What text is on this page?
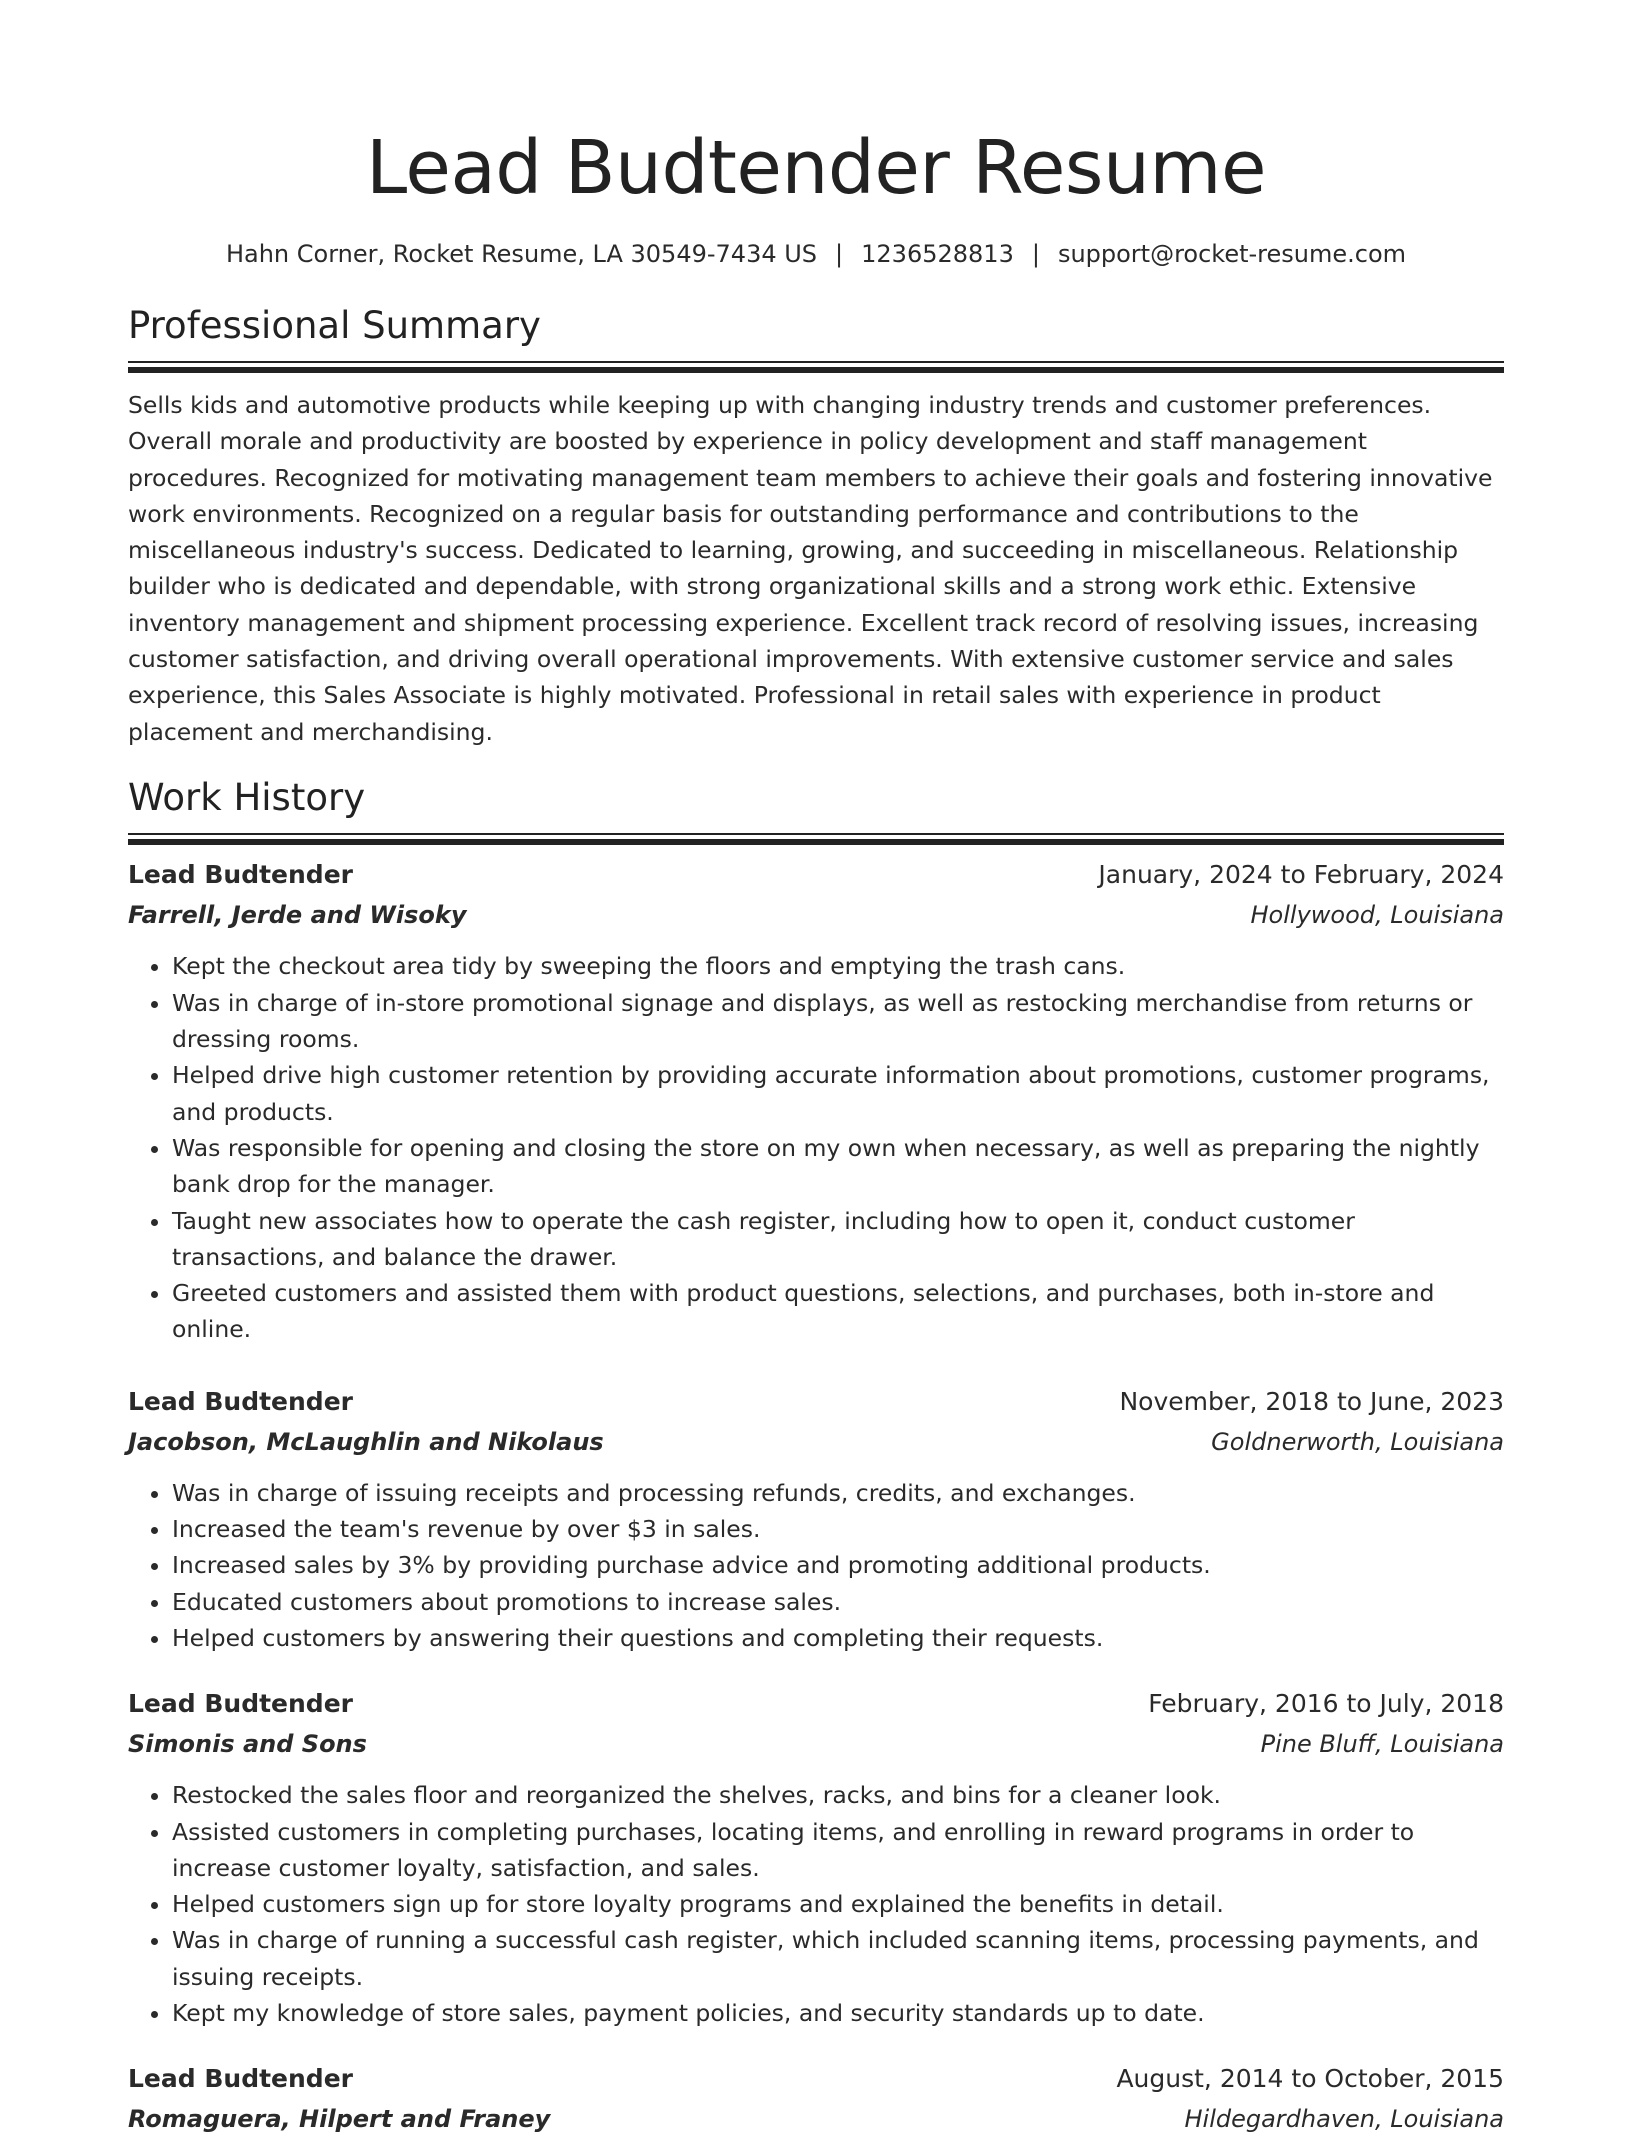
Lead Budtender Resume
Hahn Corner, Rocket Resume, LA 30549-7434 US | 1236528813 | support@rocket-resume.com
Professional Summary

Sells kids and automotive products while keeping up with changing industry trends and customer preferences. Overall morale and productivity are boosted by experience in policy development and staff management procedures. Recognized for motivating management team members to achieve their goals and fostering innovative work environments. Recognized on a regular basis for outstanding performance and contributions to the miscellaneous industry's success. Dedicated to learning, growing, and succeeding in miscellaneous. Relationship builder who is dedicated and dependable, with strong organizational skills and a strong work ethic. Extensive inventory management and shipment processing experience. Excellent track record of resolving issues, increasing customer satisfaction, and driving overall operational improvements. With extensive customer service and sales experience, this Sales Associate is highly motivated. Professional in retail sales with experience in product placement and merchandising.

Work History
Lead Budtender	January, 2024 to February, 2024
Farrell, Jerde and Wisoky	Hollywood, Louisiana
• Kept the checkout area tidy by sweeping the floors and emptying the trash cans.
• Was in charge of in-store promotional signage and displays, as well as restocking merchandise from returns or dressing rooms.
• Helped drive high customer retention by providing accurate information about promotions, customer programs, and products.
• Was responsible for opening and closing the store on my own when necessary, as well as preparing the nightly bank drop for the manager.
• Taught new associates how to operate the cash register, including how to open it, conduct customer transactions, and balance the drawer.
• Greeted customers and assisted them with product questions, selections, and purchases, both in-store and online.
Lead Budtender	November, 2018 to June, 2023
Jacobson, McLaughlin and Nikolaus	Goldnerworth, Louisiana
• Was in charge of issuing receipts and processing refunds, credits, and exchanges.
• Increased the team's revenue by over $3 in sales.
• Increased sales by 3% by providing purchase advice and promoting additional products.
• Educated customers about promotions to increase sales.
• Helped customers by answering their questions and completing their requests.
Lead Budtender	February, 2016 to July, 2018
Simonis and Sons	Pine Bluff, Louisiana
• Restocked the sales floor and reorganized the shelves, racks, and bins for a cleaner look.
• Assisted customers in completing purchases, locating items, and enrolling in reward programs in order to increase customer loyalty, satisfaction, and sales.
• Helped customers sign up for store loyalty programs and explained the benefits in detail.
• Was in charge of running a successful cash register, which included scanning items, processing payments, and issuing receipts.
• Kept my knowledge of store sales, payment policies, and security standards up to date.
Lead Budtender	August, 2014 to October, 2015
Romaguera, Hilpert and Franey	Hildegardhaven, Louisiana
